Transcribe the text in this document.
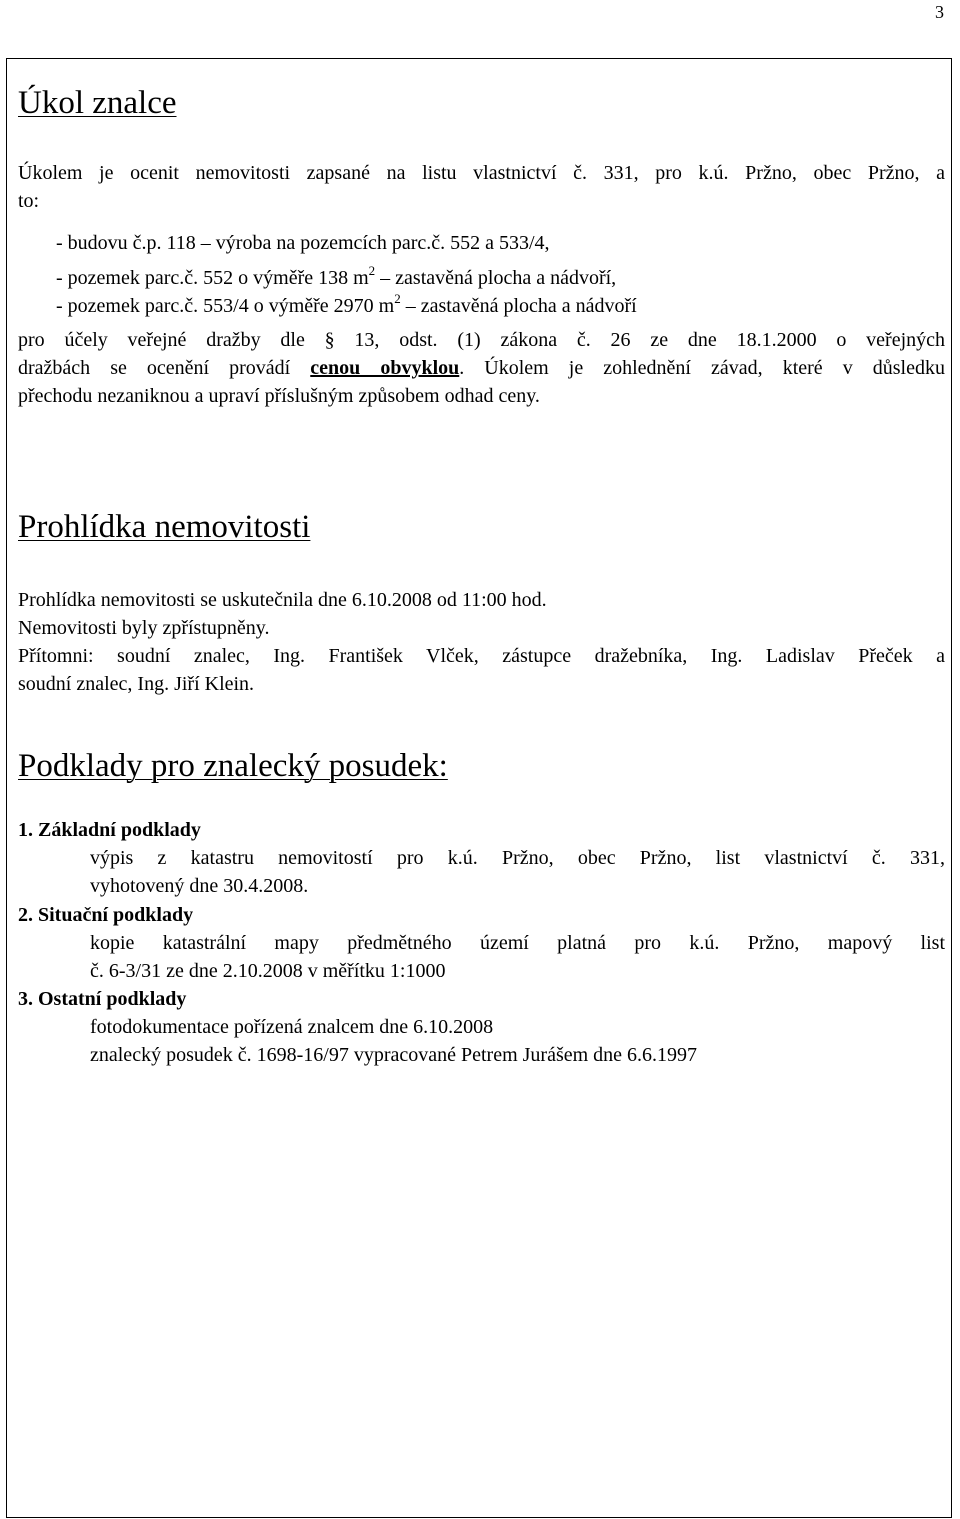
3
Úkol znalce
Úkolem je ocenit nemovitosti zapsané na listu vlastnictví č. 331, pro k.ú. Pržno, obec Pržno, a
to:
- budovu č.p. 118 – výroba na pozemcích parc.č. 552 a 533/4,
- pozemek parc.č. 552 o výměře 138 $m^2$ – zastavěná plocha a nádvoří,
- pozemek parc.č. 553/4 o výměře 2970 $m^2$ – zastavěná plocha a nádvoří
pro účely veřejné dražby dle § 13, odst. (1) zákona č. 26 ze dne 18.1.2000 o veřejných
dražbách se ocenění provádí cenou obvyklou. Úkolem je zohlednění závad, které v důsledku
přechodu nezaniknou a upraví příslušným způsobem odhad ceny.
Prohlídka nemovitosti
Prohlídka nemovitosti se uskutečnila dne 6.10.2008 od 11:00 hod.
Nemovitosti byly zpřístupněny.
Přítomni: soudní znalec, Ing. František Vlček, zástupce dražebníka, Ing. Ladislav Přeček a
soudní znalec, Ing. Jiří Klein.
Podklady pro znalecký posudek:
1. Základní podklady
výpis z katastru nemovitostí pro k.ú. Pržno, obec Pržno, list vlastnictví č. 331,
vyhotovený dne 30.4.2008.
2. Situační podklady
kopie katastrální mapy předmětného území platná pro k.ú. Pržno, mapový list
č. 6-3/31 ze dne 2.10.2008 v měřítku 1:1000
3. Ostatní podklady
fotodokumentace pořízená znalcem dne 6.10.2008
znalecký posudek č. 1698-16/97 vypracované Petrem Jurášem dne 6.6.1997
